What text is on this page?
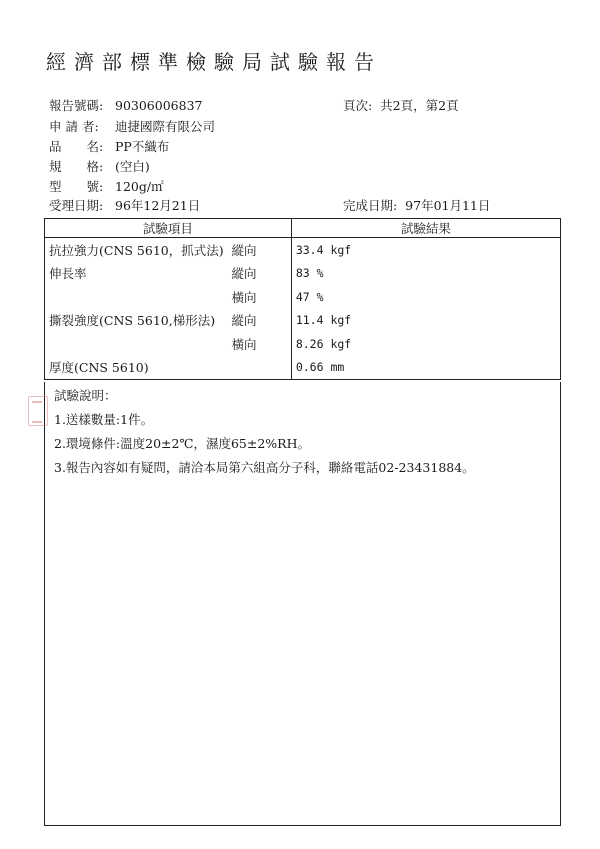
經濟部標準檢驗局試驗報告
報告號碼: 90306006837	頁次: 共2頁，第2頁
申 請 者: 迪捷國際有限公司
品　　名: PP不織布
規　　格: (空白)
型　　號: 120g/㎡
受理日期: 96年12月21日	完成日期: 97年01月11日
試驗項目		試驗結果
抗拉強力(CNS 5610，抓式法)	縱向	33.4 kgf
伸長率	縱向	83 %
	橫向	47 %
撕裂強度(CNS 5610,梯形法)	縱向	11.4 kgf
	橫向	8.26 kgf
厚度(CNS 5610)		0.66 mm
試驗說明：
1.送樣數量:1件。
2.環境條件:溫度20±2℃，濕度65±2%RH。
3.報告內容如有疑問，請洽本局第六組高分子科，聯絡電話02-23431884。
